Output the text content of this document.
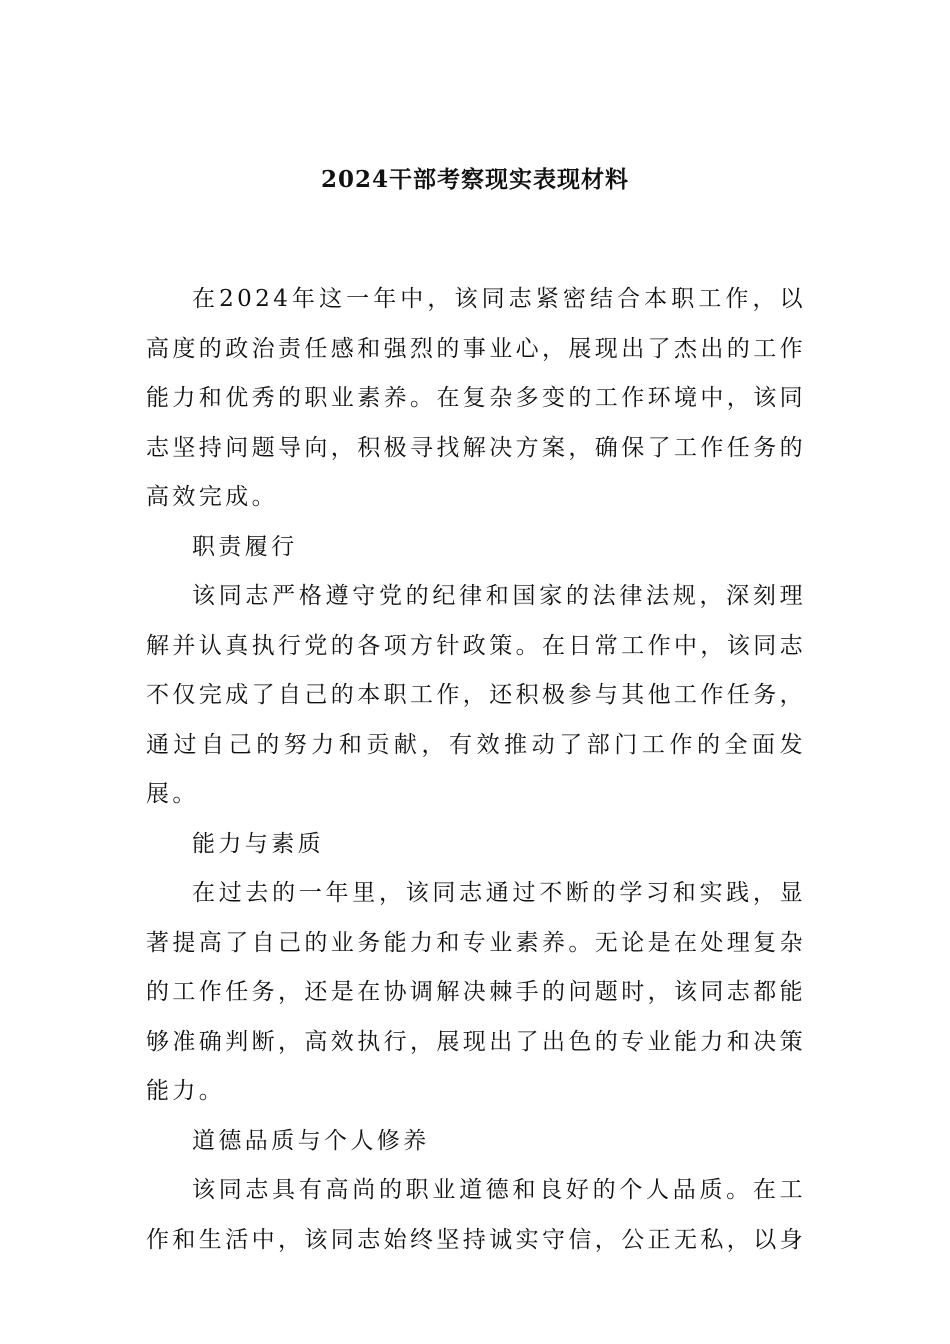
2024干部考察现实表现材料

在2024年这一年中，该同志紧密结合本职工作，以高度的政治责任感和强烈的事业心，展现出了杰出的工作能力和优秀的职业素养。在复杂多变的工作环境中，该同志坚持问题导向，积极寻找解决方案，确保了工作任务的高效完成。

职责履行

该同志严格遵守党的纪律和国家的法律法规，深刻理解并认真执行党的各项方针政策。在日常工作中，该同志不仅完成了自己的本职工作，还积极参与其他工作任务，通过自己的努力和贡献，有效推动了部门工作的全面发展。

能力与素质

在过去的一年里，该同志通过不断的学习和实践，显著提高了自己的业务能力和专业素养。无论是在处理复杂的工作任务，还是在协调解决棘手的问题时，该同志都能够准确判断，高效执行，展现出了出色的专业能力和决策能力。

道德品质与个人修养

该同志具有高尚的职业道德和良好的个人品质。在工作和生活中，该同志始终坚持诚实守信，公正无私，以身
